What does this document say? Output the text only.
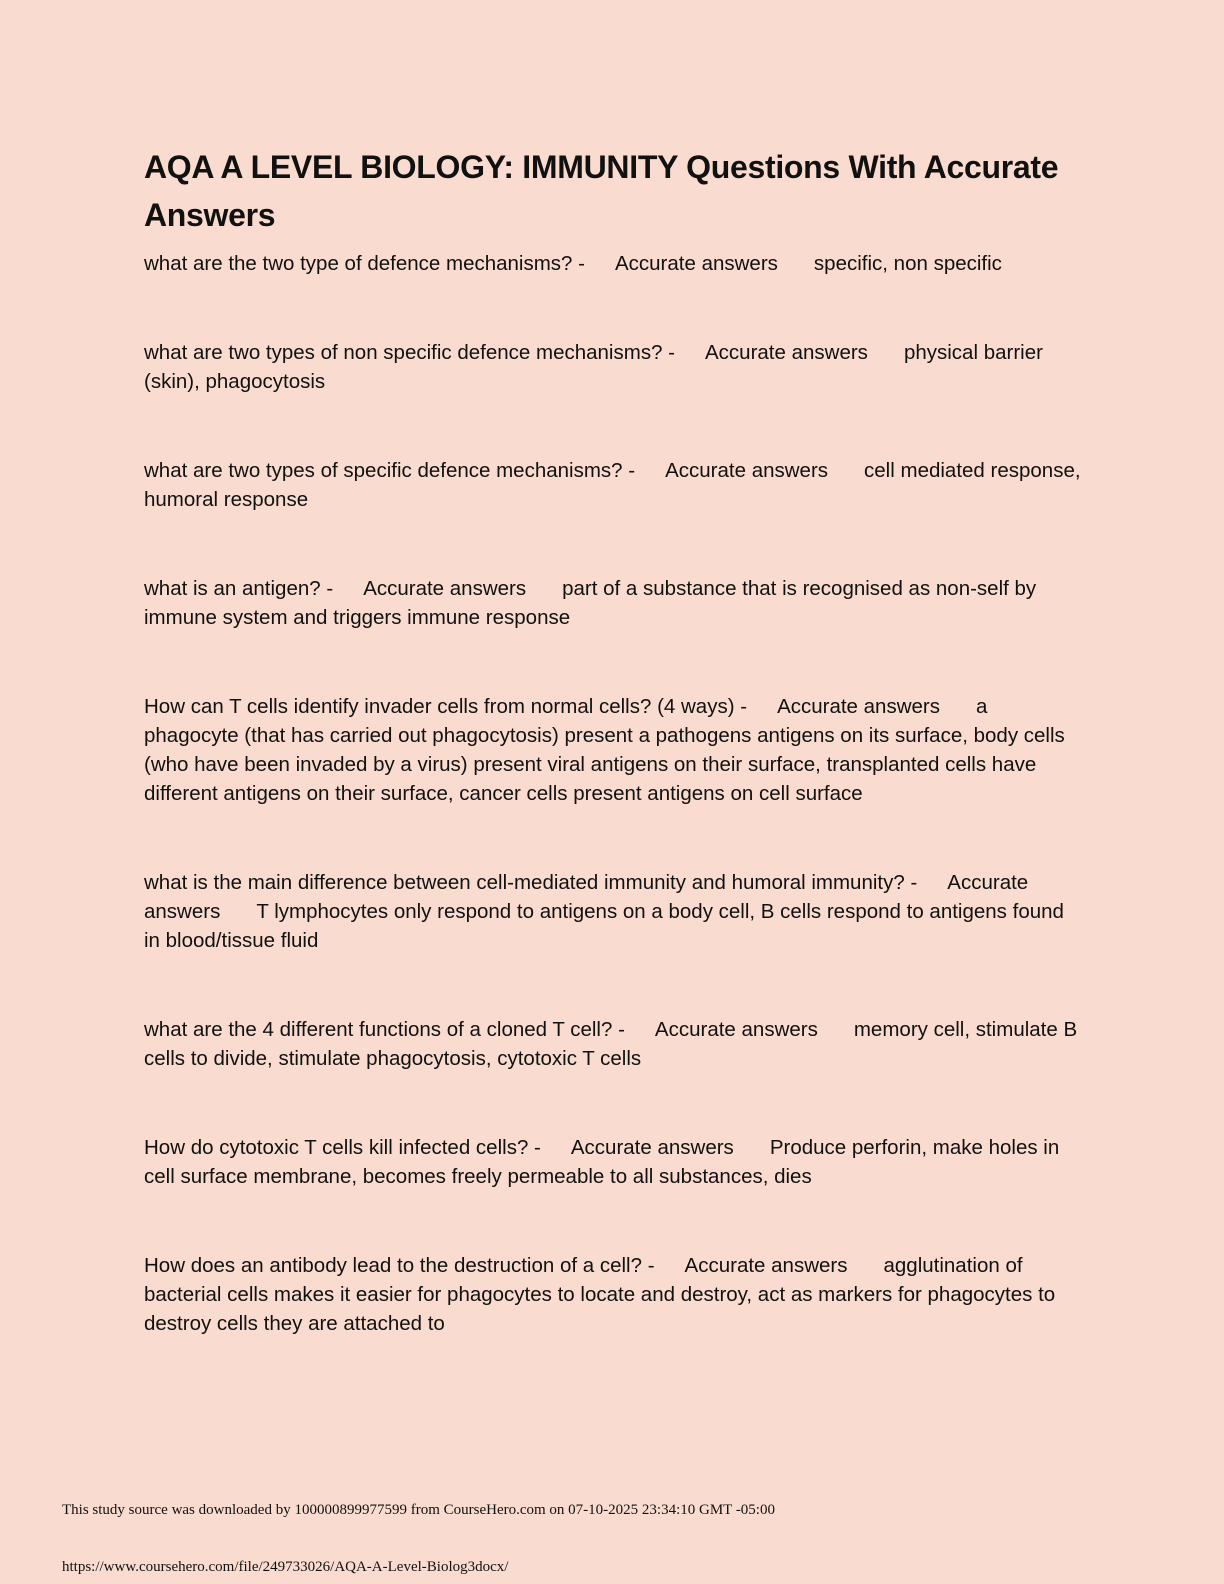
AQA A LEVEL BIOLOGY: IMMUNITY Questions With Accurate Answers
what are the two type of defence mechanisms? - Accurate answers specific, non specific
what are two types of non specific defence mechanisms? - Accurate answers physical barrier (skin), phagocytosis
what are two types of specific defence mechanisms? - Accurate answers cell mediated response, humoral response
what is an antigen? - Accurate answers part of a substance that is recognised as non-self by immune system and triggers immune response
How can T cells identify invader cells from normal cells? (4 ways) - Accurate answers a phagocyte (that has carried out phagocytosis) present a pathogens antigens on its surface, body cells (who have been invaded by a virus) present viral antigens on their surface, transplanted cells have different antigens on their surface, cancer cells present antigens on cell surface
what is the main difference between cell-mediated immunity and humoral immunity? - Accurate answers T lymphocytes only respond to antigens on a body cell, B cells respond to antigens found in blood/tissue fluid
what are the 4 different functions of a cloned T cell? - Accurate answers memory cell, stimulate B cells to divide, stimulate phagocytosis, cytotoxic T cells
How do cytotoxic T cells kill infected cells? - Accurate answers Produce perforin, make holes in cell surface membrane, becomes freely permeable to all substances, dies
How does an antibody lead to the destruction of a cell? - Accurate answers agglutination of bacterial cells makes it easier for phagocytes to locate and destroy, act as markers for phagocytes to destroy cells they are attached to
This study source was downloaded by 100000899977599 from CourseHero.com on 07-10-2025 23:34:10 GMT -05:00
https://www.coursehero.com/file/249733026/AQA-A-Level-Biolog3docx/
